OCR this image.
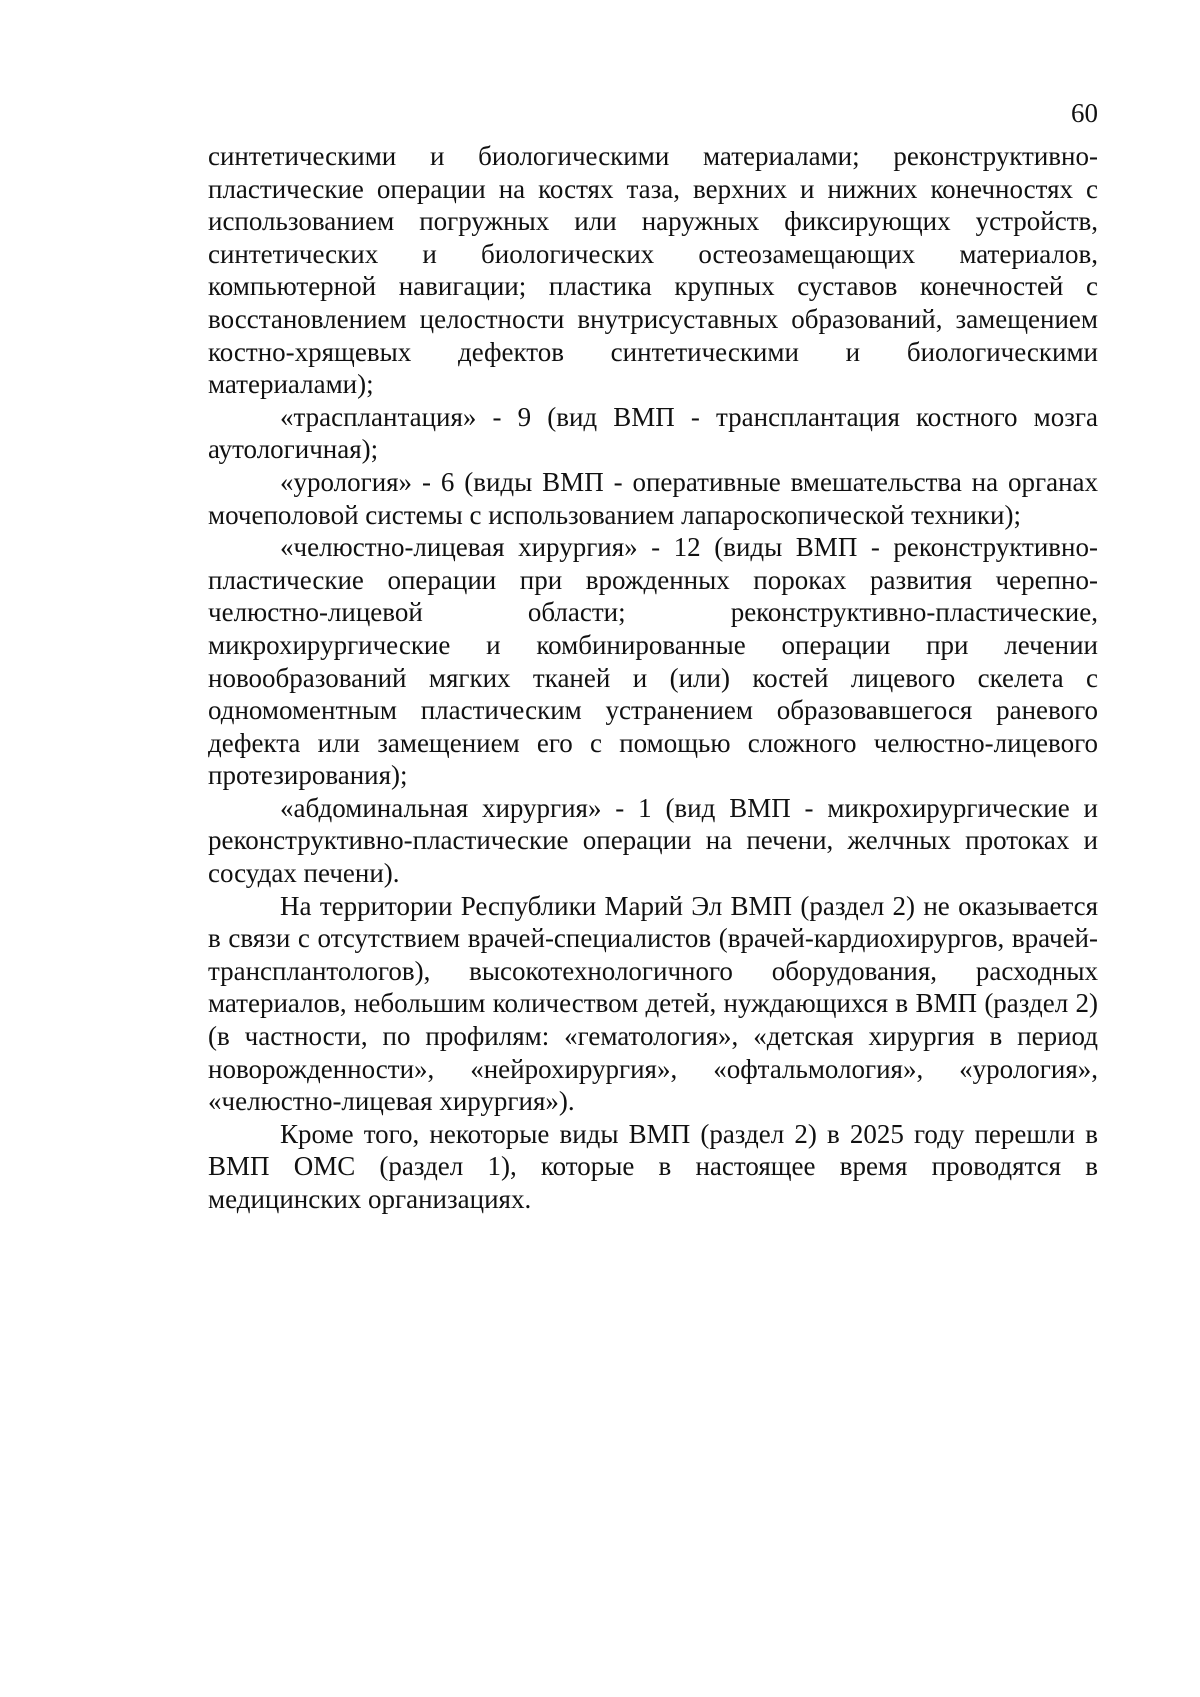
60

синтетическими и биологическими материалами; реконструктивно-пластические операции на костях таза, верхних и нижних конечностях с использованием погружных или наружных фиксирующих устройств, синтетических и биологических остеозамещающих материалов, компьютерной навигации; пластика крупных суставов конечностей с восстановлением целостности внутрисуставных образований, замещением костно-хрящевых дефектов синтетическими и биологическими материалами);

«трасплантация» - 9 (вид ВМП - трансплантация костного мозга аутологичная);

«урология» - 6 (виды ВМП - оперативные вмешательства на органах мочеполовой системы с использованием лапароскопической техники);

«челюстно-лицевая хирургия» - 12 (виды ВМП - реконструктивно-пластические операции при врожденных пороках развития черепно-челюстно-лицевой области; реконструктивно-пластические, микрохирургические и комбинированные операции при лечении новообразований мягких тканей и (или) костей лицевого скелета с одномоментным пластическим устранением образовавшегося раневого дефекта или замещением его с помощью сложного челюстно-лицевого протезирования);

«абдоминальная хирургия» - 1 (вид ВМП - микрохирургические и реконструктивно-пластические операции на печени, желчных протоках и сосудах печени).

На территории Республики Марий Эл ВМП (раздел 2) не оказывается в связи с отсутствием врачей-специалистов (врачей-кардиохирургов, врачей-трансплантологов), высокотехнологичного оборудования, расходных материалов, небольшим количеством детей, нуждающихся в ВМП (раздел 2) (в частности, по профилям: «гематология», «детская хирургия в период новорожденности», «нейрохирургия», «офтальмология», «урология», «челюстно-лицевая хирургия»).

Кроме того, некоторые виды ВМП (раздел 2) в 2025 году перешли в ВМП ОМС (раздел 1), которые в настоящее время проводятся в медицинских организациях.
